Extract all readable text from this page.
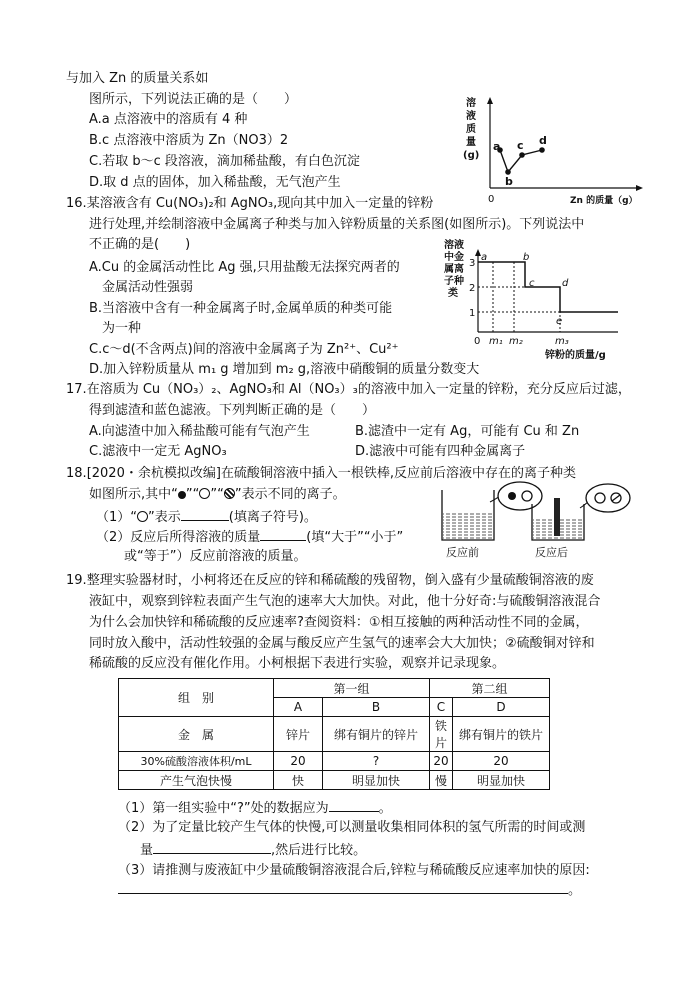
与加入 Zn 的质量关系如
图所示，下列说法正确的是（　　）
A.a 点溶液中的溶质有 4 种
B.c 点溶液中溶质为 Zn（NO3）2
C.若取 b～c 段溶液，滴加稀盐酸，有白色沉淀
D.取 d 点的固体，加入稀盐酸，无气泡产生
溶
液
质
量
(g)
0	Zn 的质量（g）
a
b
c d
16.某溶液含有 Cu(NO₃)₂和 AgNO₃,现向其中加入一定量的锌粉
进行处理,并绘制溶液中金属离子种类与加入锌粉质量的关系图(如图所示)。下列说法中
不正确的是(　　)
A.Cu 的金属活动性比 Ag 强,只用盐酸无法探究两者的
金属活动性强弱
B.当溶液中含有一种金属离子时,金属单质的种类可能
为一种
C.c～d(不含两点)间的溶液中金属离子为 Zn²⁺、Cu²⁺
D.加入锌粉质量从 m₁ g 增加到 m₂ g,溶液中硝酸铜的质量分数变大
溶液
中金
属离
子种
类
3
2
1
0 m₁ m₂	m₃
a	b
c	d
e
锌粉的质量/g
17.在溶质为 Cu（NO₃）₂、AgNO₃和 Al（NO₃）₃的溶液中加入一定量的锌粉，充分反应后过滤，
得到滤渣和蓝色滤液。下列判断正确的是（　　）
A.向滤渣中加入稀盐酸可能有气泡产生	B.滤渣中一定有 Ag，可能有 Cu 和 Zn
C.滤液中一定无 AgNO₃	D.滤液中可能有四种金属离子
18.[2020・余杭模拟改编]在硫酸铜溶液中插入一根铁棒,反应前后溶液中存在的离子种类
如图所示,其中“ ”“ ”“ ”表示不同的离子。
（1）“ ”表示	(填离子符号)。
（2）反应后所得溶液的质量	(填“大于”“小于”
或“等于”）反应前溶液的质量。	反应前	反应后
19.整理实验器材时，小柯将还在反应的锌和稀硫酸的残留物，倒入盛有少量硫酸铜溶液的废
液缸中，观察到锌粒表面产生气泡的速率大大加快。对此，他十分好奇:与硫酸铜溶液混合
为什么会加快锌和稀硫酸的反应速率?查阅资料：①相互接触的两种活动性不同的金属，
同时放入酸中，活动性较强的金属与酸反应产生氢气的速率会大大加快；②硫酸铜对锌和
稀硫酸的反应没有催化作用。小柯根据下表进行实验，观察并记录现象。
组　别	第一组		第二组	
	A	B	C	D
金　属	锌片	绑有铜片的锌片	铁片	绑有铜片的铁片
30%硫酸溶液体积/mL	20	?	20	20
产生气泡快慢	快	明显加快	慢	明显加快
（1）第一组实验中“?”处的数据应为	。
（2）为了定量比较产生气体的快慢,可以测量收集相同体积的氢气所需的时间或测
量	,然后进行比较。
（3）请推测与废液缸中少量硫酸铜溶液混合后,锌粒与稀硫酸反应速率加快的原因:
。
